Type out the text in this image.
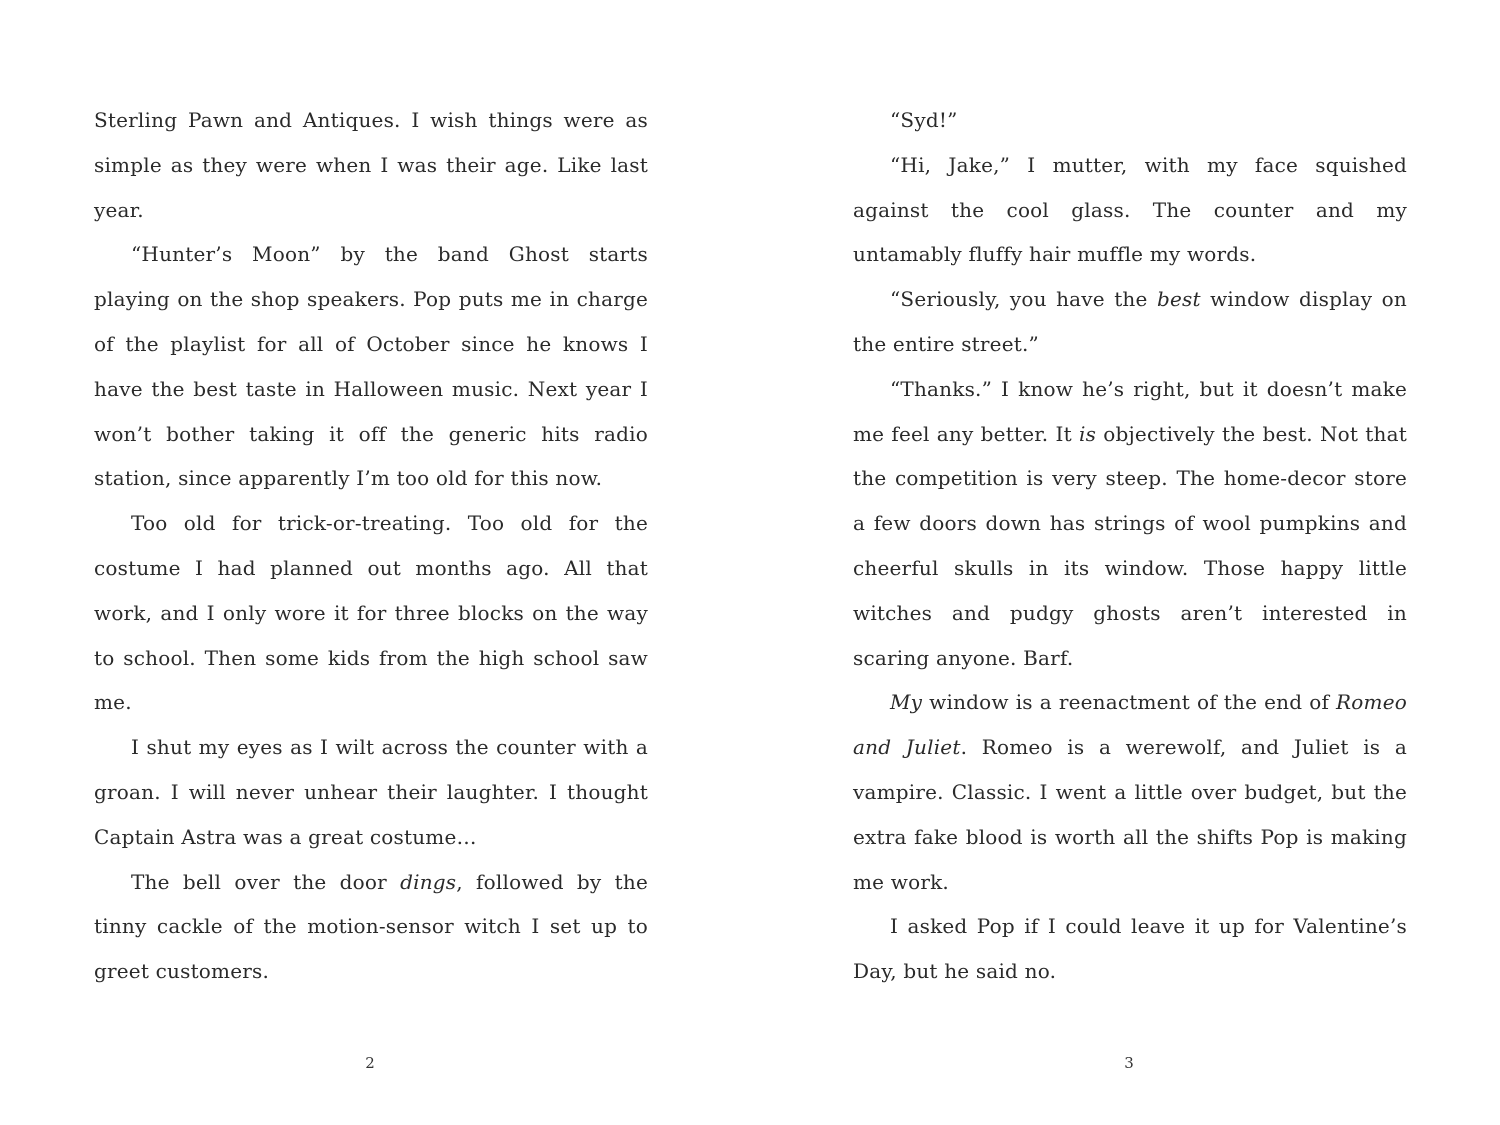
Sterling Pawn and Antiques. I wish things were as simple as they were when I was their age. Like last year.

“Hunter’s Moon” by the band Ghost starts playing on the shop speakers. Pop puts me in charge of the playlist for all of October since he knows I have the best taste in Halloween music. Next year I won’t bother taking it off the generic hits radio station, since apparently I’m too old for this now.

Too old for trick-or-treating. Too old for the costume I had planned out months ago. All that work, and I only wore it for three blocks on the way to school. Then some kids from the high school saw me.

I shut my eyes as I wilt across the counter with a groan. I will never unhear their laughter. I thought Captain Astra was a great costume…

The bell over the door dings, followed by the tinny cackle of the motion-sensor witch I set up to greet customers.

2

“Syd!”

“Hi, Jake,” I mutter, with my face squished against the cool glass. The counter and my untamably fluffy hair muffle my words.

“Seriously, you have the best window display on the entire street.”

“Thanks.” I know he’s right, but it doesn’t make me feel any better. It is objectively the best. Not that the competition is very steep. The home-decor store a few doors down has strings of wool pumpkins and cheerful skulls in its window. Those happy little witches and pudgy ghosts aren’t interested in scaring anyone. Barf.

My window is a reenactment of the end of Romeo and Juliet. Romeo is a werewolf, and Juliet is a vampire. Classic. I went a little over budget, but the extra fake blood is worth all the shifts Pop is making me work.

I asked Pop if I could leave it up for Valentine’s Day, but he said no.

3
